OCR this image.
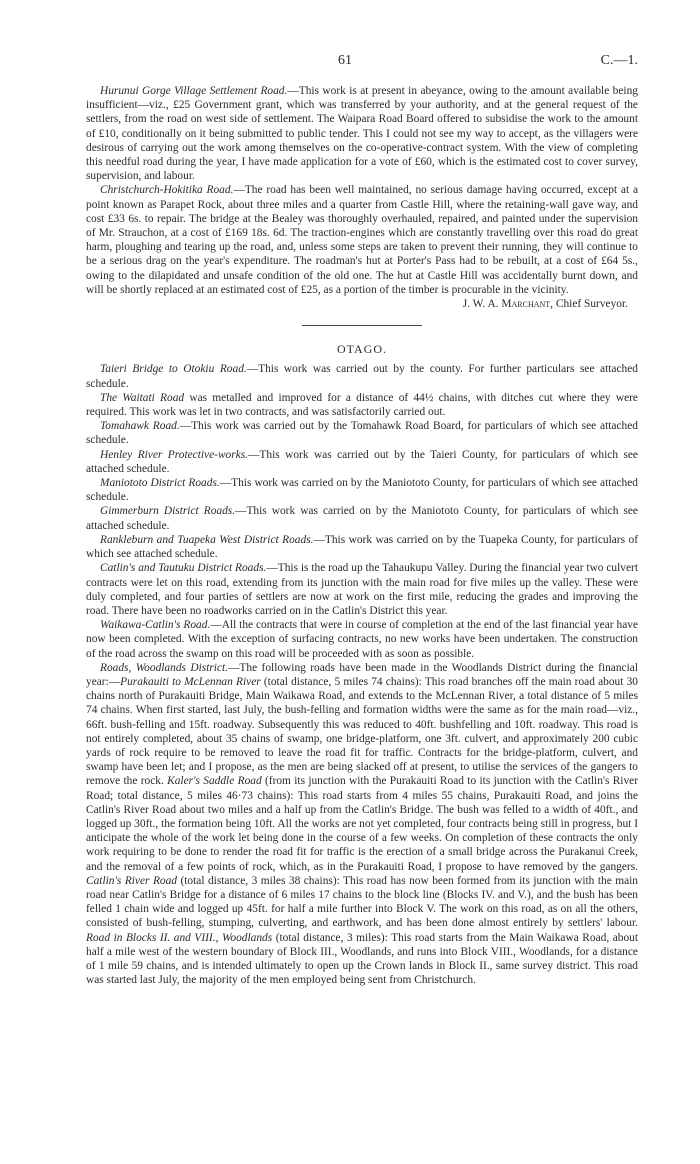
61	C.—1.

Hurunui Gorge Village Settlement Road.—This work is at present in abeyance, owing to the amount available being insufficient—viz., £25 Government grant, which was transferred by your authority, and at the general request of the settlers, from the road on west side of settlement. The Waipara Road Board offered to subsidise the work to the amount of £10, conditionally on it being submitted to public tender. This I could not see my way to accept, as the villagers were desirous of carrying out the work among themselves on the co-operative-contract system. With the view of completing this needful road during the year, I have made application for a vote of £60, which is the estimated cost to cover survey, supervision, and labour.

Christchurch-Hokitika Road.—The road has been well maintained, no serious damage having occurred, except at a point known as Parapet Rock, about three miles and a quarter from Castle Hill, where the retaining-wall gave way, and cost £33 6s. to repair. The bridge at the Bealey was thoroughly overhauled, repaired, and painted under the supervision of Mr. Strauchon, at a cost of £169 18s. 6d. The traction-engines which are constantly travelling over this road do great harm, ploughing and tearing up the road, and, unless some steps are taken to prevent their running, they will continue to be a serious drag on the year's expenditure. The roadman's hut at Porter's Pass had to be rebuilt, at a cost of £64 5s., owing to the dilapidated and unsafe condition of the old one. The hut at Castle Hill was accidentally burnt down, and will be shortly replaced at an estimated cost of £25, as a portion of the timber is procurable in the vicinity.

J. W. A. Marchant, Chief Surveyor.

OTAGO.

Taieri Bridge to Otokiu Road.—This work was carried out by the county. For further particulars see attached schedule.

The Waitati Road was metalled and improved for a distance of 44½ chains, with ditches cut where they were required. This work was let in two contracts, and was satisfactorily carried out.

Tomahawk Road.—This work was carried out by the Tomahawk Road Board, for particulars of which see attached schedule.

Henley River Protective-works.—This work was carried out by the Taieri County, for particulars of which see attached schedule.

Maniototo District Roads.—This work was carried on by the Maniototo County, for particulars of which see attached schedule.

Gimmerburn District Roads.—This work was carried on by the Maniototo County, for particulars of which see attached schedule.

Rankleburn and Tuapeka West District Roads.—This work was carried on by the Tuapeka County, for particulars of which see attached schedule.

Catlin's and Tautuku District Roads.—This is the road up the Tahaukupu Valley. During the financial year two culvert contracts were let on this road, extending from its junction with the main road for five miles up the valley. These were duly completed, and four parties of settlers are now at work on the first mile, reducing the grades and improving the road. There have been no roadworks carried on in the Catlin's District this year.

Waikawa-Catlin's Road.—All the contracts that were in course of completion at the end of the last financial year have now been completed. With the exception of surfacing contracts, no new works have been undertaken. The construction of the road across the swamp on this road will be proceeded with as soon as possible.

Roads, Woodlands District.—The following roads have been made in the Woodlands District during the financial year:—Purakauiti to McLennan River (total distance, 5 miles 74 chains): This road branches off the main road about 30 chains north of Purakauiti Bridge, Main Waikawa Road, and extends to the McLennan River, a total distance of 5 miles 74 chains. When first started, last July, the bush-felling and formation widths were the same as for the main road—viz., 66ft. bush-felling and 15ft. roadway. Subsequently this was reduced to 40ft. bushfelling and 10ft. roadway. This road is not entirely completed, about 35 chains of swamp, one bridge-platform, one 3ft. culvert, and approximately 200 cubic yards of rock require to be removed to leave the road fit for traffic. Contracts for the bridge-platform, culvert, and swamp have been let; and I propose, as the men are being slacked off at present, to utilise the services of the gangers to remove the rock. Kaler's Saddle Road (from its junction with the Purakauiti Road to its junction with the Catlin's River Road; total distance, 5 miles 46·73 chains): This road starts from 4 miles 55 chains, Purakauiti Road, and joins the Catlin's River Road about two miles and a half up from the Catlin's Bridge. The bush was felled to a width of 40ft., and logged up 30ft., the formation being 10ft. All the works are not yet completed, four contracts being still in progress, but I anticipate the whole of the work let being done in the course of a few weeks. On completion of these contracts the only work requiring to be done to render the road fit for traffic is the erection of a small bridge across the Purakanui Creek, and the removal of a few points of rock, which, as in the Purakauiti Road, I propose to have removed by the gangers. Catlin's River Road (total distance, 3 miles 38 chains): This road has now been formed from its junction with the main road near Catlin's Bridge for a distance of 6 miles 17 chains to the block line (Blocks IV. and V.), and the bush has been felled 1 chain wide and logged up 45ft. for half a mile further into Block V. The work on this road, as on all the others, consisted of bush-felling, stumping, culverting, and earthwork, and has been done almost entirely by settlers' labour. Road in Blocks II. and VIII., Woodlands (total distance, 3 miles): This road starts from the Main Waikawa Road, about half a mile west of the western boundary of Block III., Woodlands, and runs into Block VIII., Woodlands, for a distance of 1 mile 59 chains, and is intended ultimately to open up the Crown lands in Block II., same survey district. This road was started last July, the majority of the men employed being sent from Christchurch.
